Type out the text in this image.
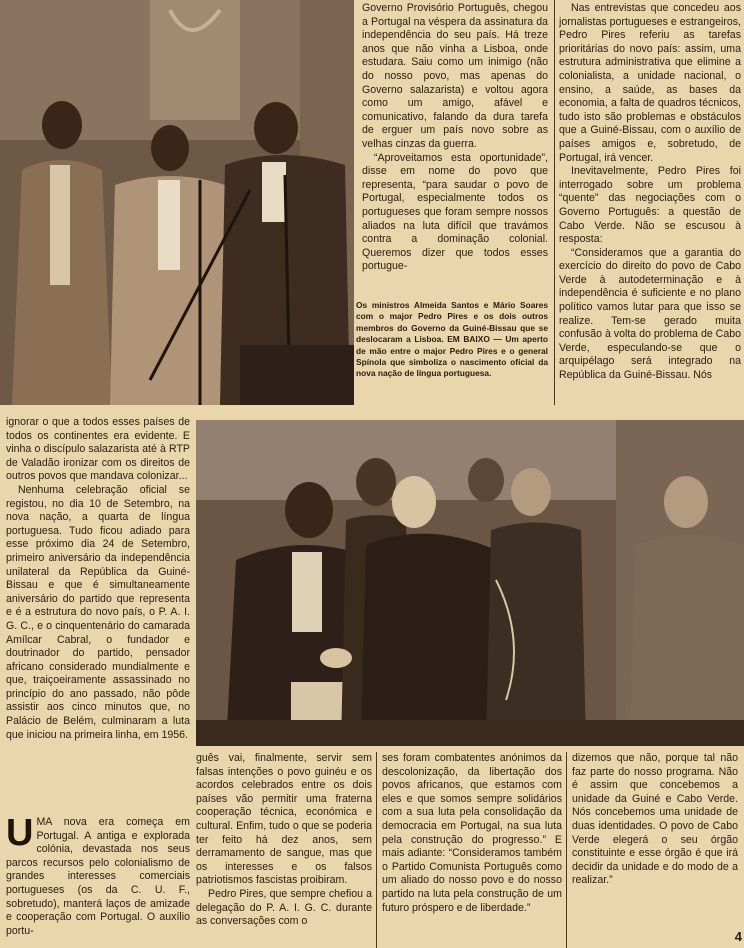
Governo Provisório Português, chegou a Portugal na véspera da assinatura da independência do seu país. Há treze anos que não vinha a Lisboa, onde estudara. Saiu como um inimigo (não do nosso povo, mas apenas do Governo salazarista) e voltou agora como um amigo, afável e comunicativo, falando da dura tarefa de erguer um país novo sobre as velhas cinzas da guerra.

“Aproveitamos esta oportunidade”, disse em nome do povo que representa, “para saudar o povo de Portugal, especialmente todos os portugueses que foram sempre nossos aliados na luta difícil que travámos contra a dominação colonial. Queremos dizer que todos esses portugue-

Os ministros Almeida Santos e Mário Soares com o major Pedro Pires e os dois outros membros do Governo da Guiné-Bissau que se deslocaram a Lisboa. EM BAIXO — Um aperto de mão entre o major Pedro Pires e o general Spínola que simboliza o nascimento oficial da nova nação de língua portuguesa.

Nas entrevistas que concedeu aos jornalistas portugueses e estrangeiros, Pedro Pires referiu as tarefas prioritárias do novo país: assim, uma estrutura administrativa que elimine a colonialista, a unidade nacional, o ensino, a saúde, as bases da economia, a falta de quadros técnicos, tudo isto são problemas e obstáculos que a Guiné-Bissau, com o auxílio de países amigos e, sobretudo, de Portugal, irá vencer.

Inevitavelmente, Pedro Pires foi interrogado sobre um problema “quente” das negociações com o Governo Português: a questão de Cabo Verde. Não se escusou à resposta:

“Consideramos que a garantia do exercício do direito do povo de Cabo Verde à autodeterminação e à independência é suficiente e no plano político vamos lutar para que isso se realize. Tem-se gerado muita confusão à volta do problema de Cabo Verde, especulando-se que o arquipélago será integrado na República da Guiné-Bissau. Nós

ignorar o que a todos esses países de todos os continentes era evidente. E vinha o discípulo salazarista até à RTP de Valadão ironizar com os direitos de outros povos que mandava colonizar...

Nenhuma celebração oficial se registou, no dia 10 de Setembro, na nova nação, a quarta de língua portuguesa. Tudo ficou adiado para esse próximo dia 24 de Setembro, primeiro aniversário da independência unilateral da República da Guiné-Bissau e que é simultaneamente aniversário do partido que representa e é a estrutura do novo país, o P. A. I. G. C., e o cinquentenário do camarada Amílcar Cabral, o fundador e doutrinador do partido, pensador africano considerado mundialmente e que, traiçoeiramente assassinado no princípio do ano passado, não pôde assistir aos cinco minutos que, no Palácio de Belém, culminaram a luta que iniciou na primeira linha, em 1956.

UMA nova era começa em Portugal. A antiga e explorada colónia, devastada nos seus parcos recursos pelo colonialismo de grandes interesses comerciais portugueses (os da C. U. F., sobretudo), manterá laços de amizade e cooperação com Portugal. O auxílio portu-

guês vai, finalmente, servir sem falsas intenções o povo guinéu e os acordos celebrados entre os dois países vão permitir uma fraterna cooperação técnica, económica e cultural. Enfim, tudo o que se poderia ter feito há dez anos, sem derramamento de sangue, mas que os interesses e os falsos patriotismos fascistas proibiram.

Pedro Pires, que sempre chefiou a delegação do P. A. I. G. C. durante as conversações com o

ses foram combatentes anónimos da descolonização, da libertação dos povos africanos, que estamos com eles e que somos sempre solidários com a sua luta pela consolidação da democracia em Portugal, na sua luta pela construção do progresso.” E mais adiante: “Consideramos também o Partido Comunista Português como um aliado do nosso povo e do nosso partido na luta pela construção de um futuro próspero e de liberdade.”

dizemos que não, porque tal não faz parte do nosso programa. Não é assim que concebemos a unidade da Guiné e Cabo Verde. Nós concebemos uma unidade de duas identidades. O povo de Cabo Verde elegerá o seu órgão constituinte e esse órgão é que irá decidir da unidade e do modo de a realizar.”

4
